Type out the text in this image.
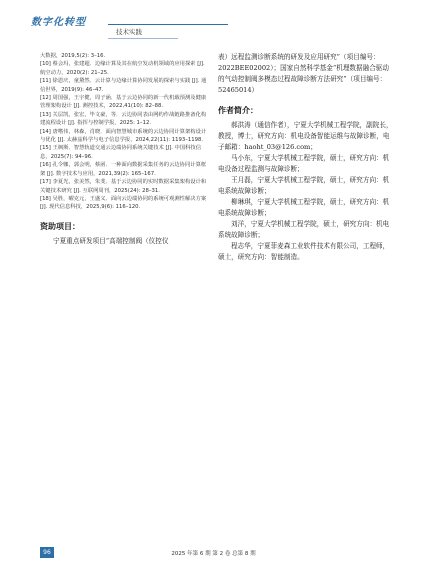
数字化转型
技术实践

大数据，2019,5(2): 3–16.

[10] 蔡会玛，张建超．边缘计算及其在航空发动机领域的应用探索 [J]. 航空动力，2020(2): 21–25.

[11] 徐恩庆，童黛然．云计算与边缘计算协同发展的探索与实践 [J]. 通信世界，2019(9): 46–47.

[12] 周国强，王宇健，周子涵．基于云边协同的新一代机载预测及健康管理架构设计 [J]. 测控技术，2022,41(10): 82–88.

[13] 关层凯，张宏，毕文豪，等．云边协同表由网约作战链路推备化构建流程设计 [J]. 指挥与控制学报，2025: 1–12.

[14] 唐嗜伟，林森，肖晓．面向智慧城市系统的云边协同计算架构设计与优化 [J]. 太赫兹科学与电子信息学报，2024,22(11): 1193–1198.

[15] 王枫斯．智慧轨道交通云边端协同系统关键技术 [J]. 中国科技信息，2025(7): 94–96.

[16] 孔令娜，郭会明，蔡函．一种面向数据采集任务的云边协同计算框架 [J]. 数字技术与应用，2021,39(2): 165–167.

[17] 李夏光，张美然，朱斐．基于云边协同的实时数据采集架构设计和关键技术研究 [J]. 互联网周刊，2025(24): 28–31.

[18] 吴胜，曜克元，王盛义．面向云边端协同的系统可观测性解决方案 [J]. 现代信息科技，2025,9(6): 116–120.

资助项目：

宁夏重点研发项目“高端控制阀（仪控仪

表）远程监测诊断系统的研发及应用研究”（项目编号：2022BEE02002）；国家自然科学基金“机理数据融合驱动的气动控制阀多模态过程故障诊断方法研究”（项目编号：52465014）

作者简介：

郝洪涛（通信作者），宁夏大学机械工程学院，副院长，教授，博士，研究方向：机电设备智能运维与故障诊断，电子邮箱：haoht_03@126.com；

马小东，宁夏大学机械工程学院，硕士，研究方向：机电设备过程监测与故障诊断；

王月磊，宁夏大学机械工程学院，硕士，研究方向：机电系统故障诊断；

柳琳琪，宁夏大学机械工程学院，硕士，研究方向：机电系统故障诊断；

刘洋，宁夏大学机械工程学院，硕士，研究方向：机电系统故障诊断；

程志华，宁夏菲麦森工业软件技术有限公司，工程师，硕士，研究方向：智能制造。

96	2025 年第 6 期 第 2 卷 总第 8 期
